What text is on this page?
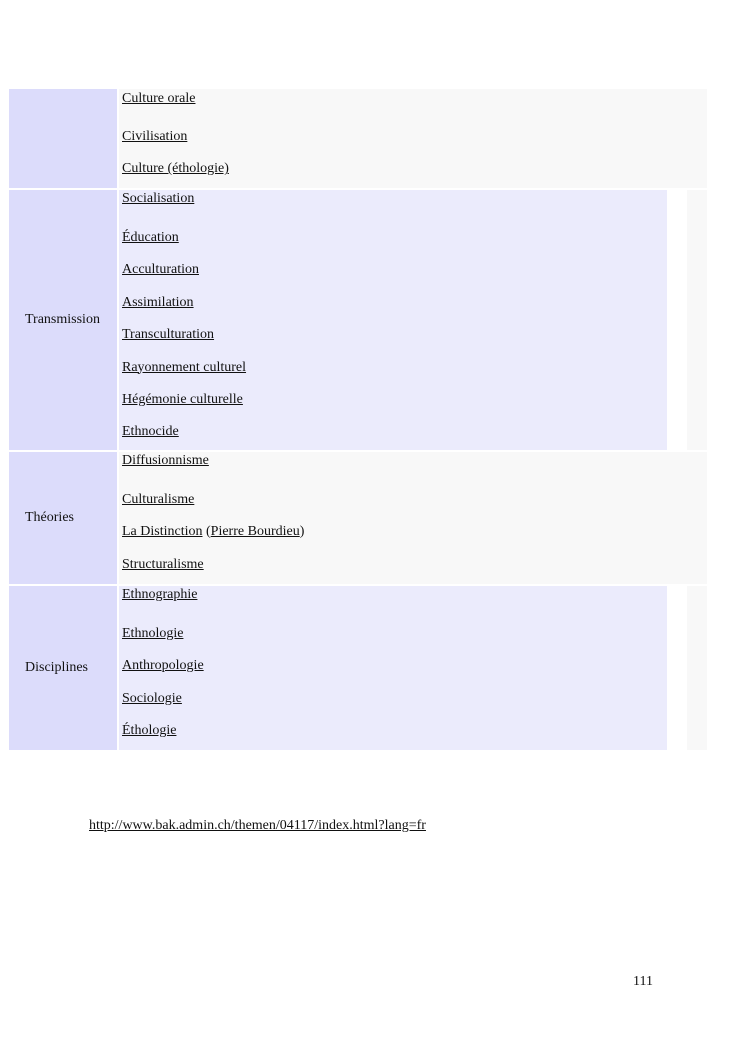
Culture orale
Civilisation
Culture (éthologie)
Transmission
Socialisation
Éducation
Acculturation
Assimilation
Transculturation
Rayonnement culturel
Hégémonie culturelle
Ethnocide
Théories
Diffusionnisme
Culturalisme
La Distinction (Pierre Bourdieu)
Structuralisme
Disciplines
Ethnographie
Ethnologie
Anthropologie
Sociologie
Éthologie
http://www.bak.admin.ch/themen/04117/index.html?lang=fr
111
